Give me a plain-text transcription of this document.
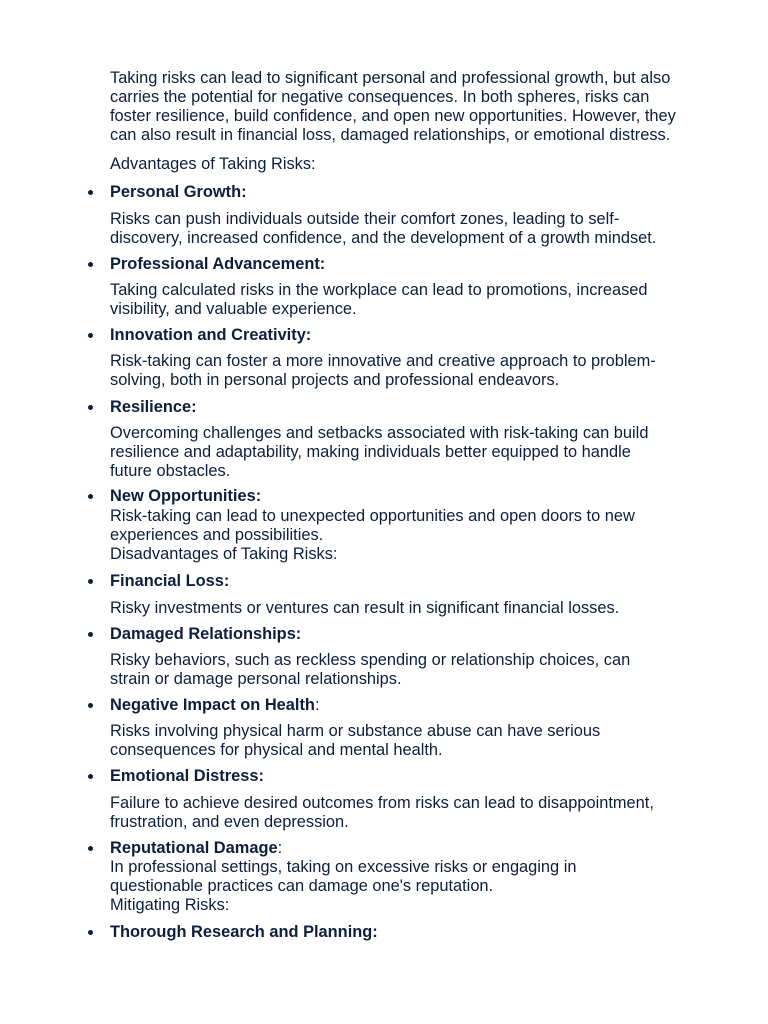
Taking risks can lead to significant personal and professional growth, but also
carries the potential for negative consequences. In both spheres, risks can
foster resilience, build confidence, and open new opportunities. However, they
can also result in financial loss, damaged relationships, or emotional distress.
Advantages of Taking Risks:
Personal Growth:
Risks can push individuals outside their comfort zones, leading to self-
discovery, increased confidence, and the development of a growth mindset.
Professional Advancement:
Taking calculated risks in the workplace can lead to promotions, increased
visibility, and valuable experience.
Innovation and Creativity:
Risk-taking can foster a more innovative and creative approach to problem-
solving, both in personal projects and professional endeavors.
Resilience:
Overcoming challenges and setbacks associated with risk-taking can build
resilience and adaptability, making individuals better equipped to handle
future obstacles.
New Opportunities:
Risk-taking can lead to unexpected opportunities and open doors to new
experiences and possibilities.
Disadvantages of Taking Risks:
Financial Loss:
Risky investments or ventures can result in significant financial losses.
Damaged Relationships:
Risky behaviors, such as reckless spending or relationship choices, can
strain or damage personal relationships.
Negative Impact on Health:
Risks involving physical harm or substance abuse can have serious
consequences for physical and mental health.
Emotional Distress:
Failure to achieve desired outcomes from risks can lead to disappointment,
frustration, and even depression.
Reputational Damage:
In professional settings, taking on excessive risks or engaging in
questionable practices can damage one's reputation.
Mitigating Risks:
Thorough Research and Planning:
